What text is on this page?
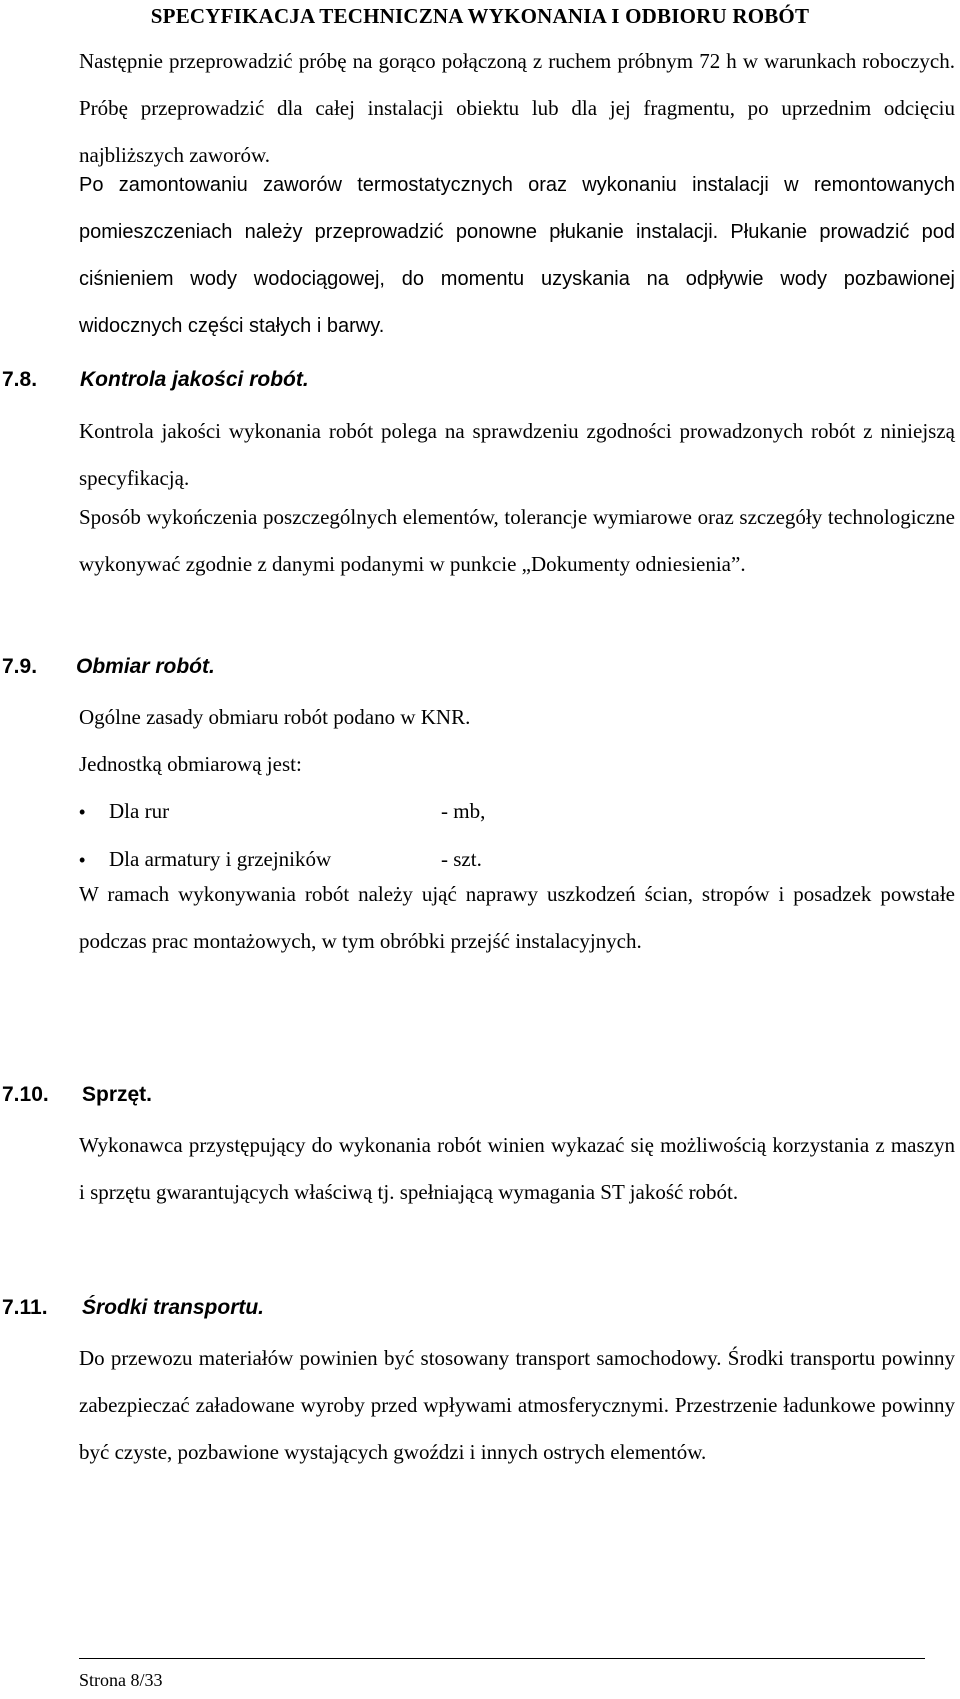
SPECYFIKACJA TECHNICZNA WYKONANIA I ODBIORU ROBÓT

Następnie przeprowadzić próbę na gorąco połączoną z ruchem próbnym 72 h w warunkach roboczych. Próbę przeprowadzić dla całej instalacji obiektu lub dla jej fragmentu, po uprzednim odcięciu najbliższych zaworów.

Po zamontowaniu zaworów termostatycznych oraz wykonaniu instalacji w remontowanych pomieszczeniach należy przeprowadzić ponowne płukanie instalacji. Płukanie prowadzić pod ciśnieniem wody wodociągowej, do momentu uzyskania na odpływie wody pozbawionej widocznych części stałych i barwy.

7.8.	Kontrola jakości robót.

Kontrola jakości wykonania robót polega na sprawdzeniu zgodności prowadzonych robót z niniejszą specyfikacją.

Sposób wykończenia poszczególnych elementów, tolerancje wymiarowe oraz szczegóły technologiczne wykonywać zgodnie z danymi podanymi w punkcie „Dokumenty odniesienia”.

7.9.	Obmiar robót.

Ogólne zasady obmiaru robót podano w KNR.

Jednostką obmiarową jest:

•	Dla rur	- mb,
•	Dla armatury i grzejników	- szt.

W ramach wykonywania robót należy ująć naprawy uszkodzeń ścian, stropów i posadzek powstałe podczas prac montażowych, w tym obróbki przejść instalacyjnych.

7.10.	Sprzęt.

Wykonawca przystępujący do wykonania robót winien wykazać się możliwością korzystania z maszyn i sprzętu gwarantujących właściwą tj. spełniającą wymagania ST jakość robót.

7.11.	Środki transportu.

Do przewozu materiałów powinien być stosowany transport samochodowy. Środki transportu powinny zabezpieczać załadowane wyroby przed wpływami atmosferycznymi. Przestrzenie ładunkowe powinny być czyste, pozbawione wystających gwoździ i innych ostrych elementów.

Strona 8/33
